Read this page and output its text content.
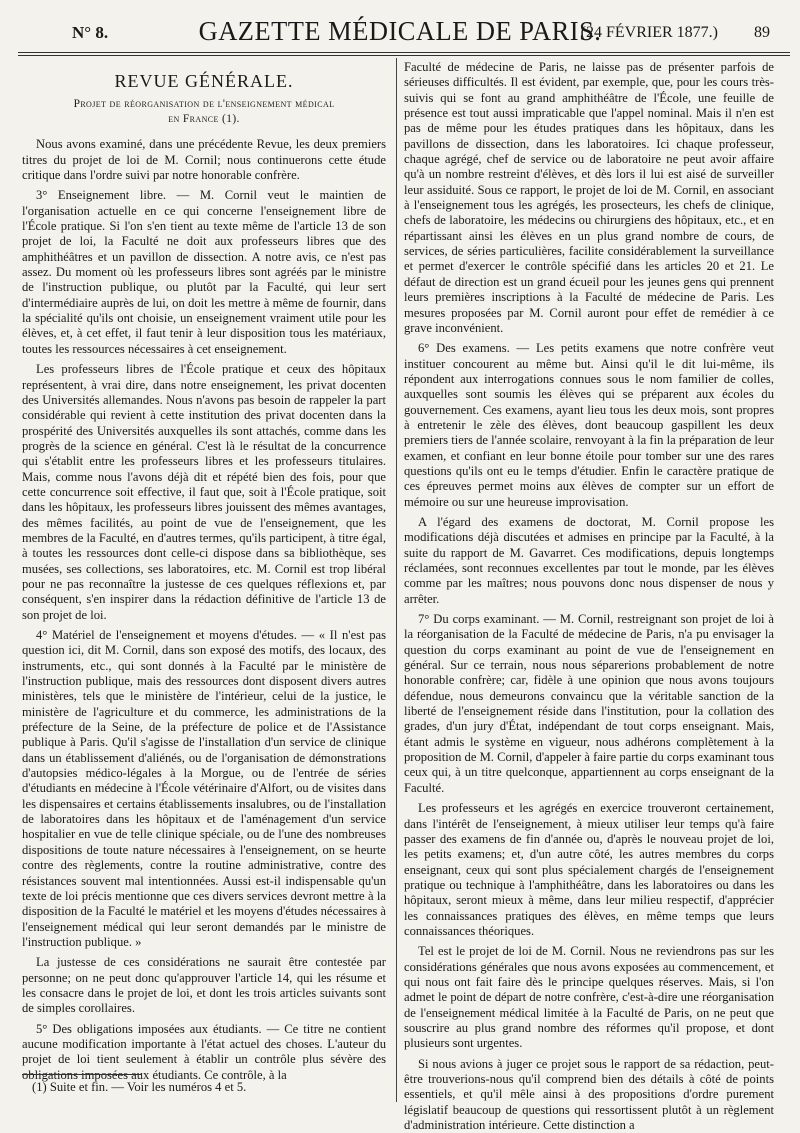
N° 8.	GAZETTE MÉDICALE DE PARIS.
(24 FÉVRIER 1877.) 89
REVUE GÉNÉRALE.
Projet de réorganisation de l'enseignement médical
en France (1).

Nous avons examiné, dans une précédente Revue, les deux premiers titres du projet de loi de M. Cornil; nous continuerons cette étude critique dans l'ordre suivi par notre honorable confrère.

3° Enseignement libre. — M. Cornil veut le maintien de l'organisation actuelle en ce qui concerne l'enseignement libre de l'École pratique. Si l'on s'en tient au texte même de l'article 13 de son projet de loi, la Faculté ne doit aux professeurs libres que des amphithéâtres et un pavillon de dissection. A notre avis, ce n'est pas assez. Du moment où les professeurs libres sont agréés par le ministre de l'instruction publique, ou plutôt par la Faculté, qui leur sert d'intermédiaire auprès de lui, on doit les mettre à même de fournir, dans la spécialité qu'ils ont choisie, un enseignement vraiment utile pour les élèves, et, à cet effet, il faut tenir à leur disposition tous les matériaux, toutes les ressources nécessaires à cet enseignement.

Les professeurs libres de l'École pratique et ceux des hôpitaux représentent, à vrai dire, dans notre enseignement, les privat docenten des Universités allemandes. Nous n'avons pas besoin de rappeler la part considérable qui revient à cette institution des privat docenten dans la prospérité des Universités auxquelles ils sont attachés, comme dans les progrès de la science en général. C'est là le résultat de la concurrence qui s'établit entre les professeurs libres et les professeurs titulaires. Mais, comme nous l'avons déjà dit et répété bien des fois, pour que cette concurrence soit effective, il faut que, soit à l'École pratique, soit dans les hôpitaux, les professeurs libres jouissent des mêmes avantages, des mêmes facilités, au point de vue de l'enseignement, que les membres de la Faculté, en d'autres termes, qu'ils participent, à titre égal, à toutes les ressources dont celle-ci dispose dans sa bibliothèque, ses musées, ses collections, ses laboratoires, etc. M. Cornil est trop libéral pour ne pas reconnaître la justesse de ces quelques réflexions et, par conséquent, s'en inspirer dans la rédaction définitive de l'article 13 de son projet de loi.

4° Matériel de l'enseignement et moyens d'études. — « Il n'est pas question ici, dit M. Cornil, dans son exposé des motifs, des locaux, des instruments, etc., qui sont donnés à la Faculté par le ministère de l'instruction publique, mais des ressources dont disposent divers autres ministères, tels que le ministère de l'intérieur, celui de la justice, le ministère de l'agriculture et du commerce, les administrations de la préfecture de la Seine, de la préfecture de police et de l'Assistance publique à Paris. Qu'il s'agisse de l'installation d'un service de clinique dans un établissement d'aliénés, ou de l'organisation de démonstrations d'autopsies médico-légales à la Morgue, ou de l'entrée de séries d'étudiants en médecine à l'École vétérinaire d'Alfort, ou de visites dans les dispensaires et certains établissements insalubres, ou de l'installation de laboratoires dans les hôpitaux et de l'aménagement d'un service hospitalier en vue de telle clinique spéciale, ou de l'une des nombreuses dispositions de toute nature nécessaires à l'enseignement, on se heurte contre des règlements, contre la routine administrative, contre des résistances souvent mal intentionnées. Aussi est-il indispensable qu'un texte de loi précis mentionne que ces divers services devront mettre à la disposition de la Faculté le matériel et les moyens d'études nécessaires à l'enseignement médical qui leur seront demandés par le ministre de l'instruction publique. »

La justesse de ces considérations ne saurait être contestée par personne; on ne peut donc qu'approuver l'article 14, qui les résume et les consacre dans le projet de loi, et dont les trois articles suivants sont de simples corollaires.

5° Des obligations imposées aux étudiants. — Ce titre ne contient aucune modification importante à l'état actuel des choses. L'auteur du projet de loi tient seulement à établir un contrôle plus sévère des obligations imposées aux étudiants. Ce contrôle, à la

Faculté de médecine de Paris, ne laisse pas de présenter parfois de sérieuses difficultés. Il est évident, par exemple, que, pour les cours très-suivis qui se font au grand amphithéâtre de l'École, une feuille de présence est tout aussi impraticable que l'appel nominal. Mais il n'en est pas de même pour les études pratiques dans les hôpitaux, dans les pavillons de dissection, dans les laboratoires. Ici chaque professeur, chaque agrégé, chef de service ou de laboratoire ne peut avoir affaire qu'à un nombre restreint d'élèves, et dès lors il lui est aisé de surveiller leur assiduité. Sous ce rapport, le projet de loi de M. Cornil, en associant à l'enseignement tous les agrégés, les prosecteurs, les chefs de clinique, chefs de laboratoire, les médecins ou chirurgiens des hôpitaux, etc., et en répartissant ainsi les élèves en un plus grand nombre de cours, de services, de séries particulières, facilite considérablement la surveillance et permet d'exercer le contrôle spécifié dans les articles 20 et 21. Le défaut de direction est un grand écueil pour les jeunes gens qui prennent leurs premières inscriptions à la Faculté de médecine de Paris. Les mesures proposées par M. Cornil auront pour effet de remédier à ce grave inconvénient.

6° Des examens. — Les petits examens que notre confrère veut instituer concourent au même but. Ainsi qu'il le dit lui-même, ils répondent aux interrogations connues sous le nom familier de colles, auxquelles sont soumis les élèves qui se préparent aux écoles du gouvernement. Ces examens, ayant lieu tous les deux mois, sont propres à entretenir le zèle des élèves, dont beaucoup gaspillent les deux premiers tiers de l'année scolaire, renvoyant à la fin la préparation de leur examen, et confiant en leur bonne étoile pour tomber sur une des rares questions qu'ils ont eu le temps d'étudier. Enfin le caractère pratique de ces épreuves permet moins aux élèves de compter sur un effort de mémoire ou sur une heureuse improvisation.

A l'égard des examens de doctorat, M. Cornil propose les modifications déjà discutées et admises en principe par la Faculté, à la suite du rapport de M. Gavarret. Ces modifications, depuis longtemps réclamées, sont reconnues excellentes par tout le monde, par les élèves comme par les maîtres; nous pouvons donc nous dispenser de nous y arrêter.

7° Du corps examinant. — M. Cornil, restreignant son projet de loi à la réorganisation de la Faculté de médecine de Paris, n'a pu envisager la question du corps examinant au point de vue de l'enseignement en général. Sur ce terrain, nous nous séparerions probablement de notre honorable confrère; car, fidèle à une opinion que nous avons toujours défendue, nous demeurons convaincu que la véritable sanction de la liberté de l'enseignement réside dans l'institution, pour la collation des grades, d'un jury d'État, indépendant de tout corps enseignant. Mais, étant admis le système en vigueur, nous adhérons complètement à la proposition de M. Cornil, d'appeler à faire partie du corps examinant tous ceux qui, à un titre quelconque, appartiennent au corps enseignant de la Faculté.

Les professeurs et les agrégés en exercice trouveront certainement, dans l'intérêt de l'enseignement, à mieux utiliser leur temps qu'à faire passer des examens de fin d'année ou, d'après le nouveau projet de loi, les petits examens; et, d'un autre côté, les autres membres du corps enseignant, ceux qui sont plus spécialement chargés de l'enseignement pratique ou technique à l'amphithéâtre, dans les laboratoires ou dans les hôpitaux, seront mieux à même, dans leur milieu respectif, d'apprécier les connaissances pratiques des élèves, en même temps que leurs connaissances théoriques.

Tel est le projet de loi de M. Cornil. Nous ne reviendrons pas sur les considérations générales que nous avons exposées au commencement, et qui nous ont fait faire dès le principe quelques réserves. Mais, si l'on admet le point de départ de notre confrère, c'est-à-dire une réorganisation de l'enseignement médical limitée à la Faculté de Paris, on ne peut que souscrire au plus grand nombre des réformes qu'il propose, et dont plusieurs sont urgentes.

Si nous avions à juger ce projet sous le rapport de sa rédaction, peut-être trouverions-nous qu'il comprend bien des détails à côté de points essentiels, et qu'il mêle ainsi à des propositions d'ordre purement législatif beaucoup de questions qui ressortissent plutôt à un règlement d'administration intérieure. Cette distinction a

(1) Suite et fin. — Voir les numéros 4 et 5.
